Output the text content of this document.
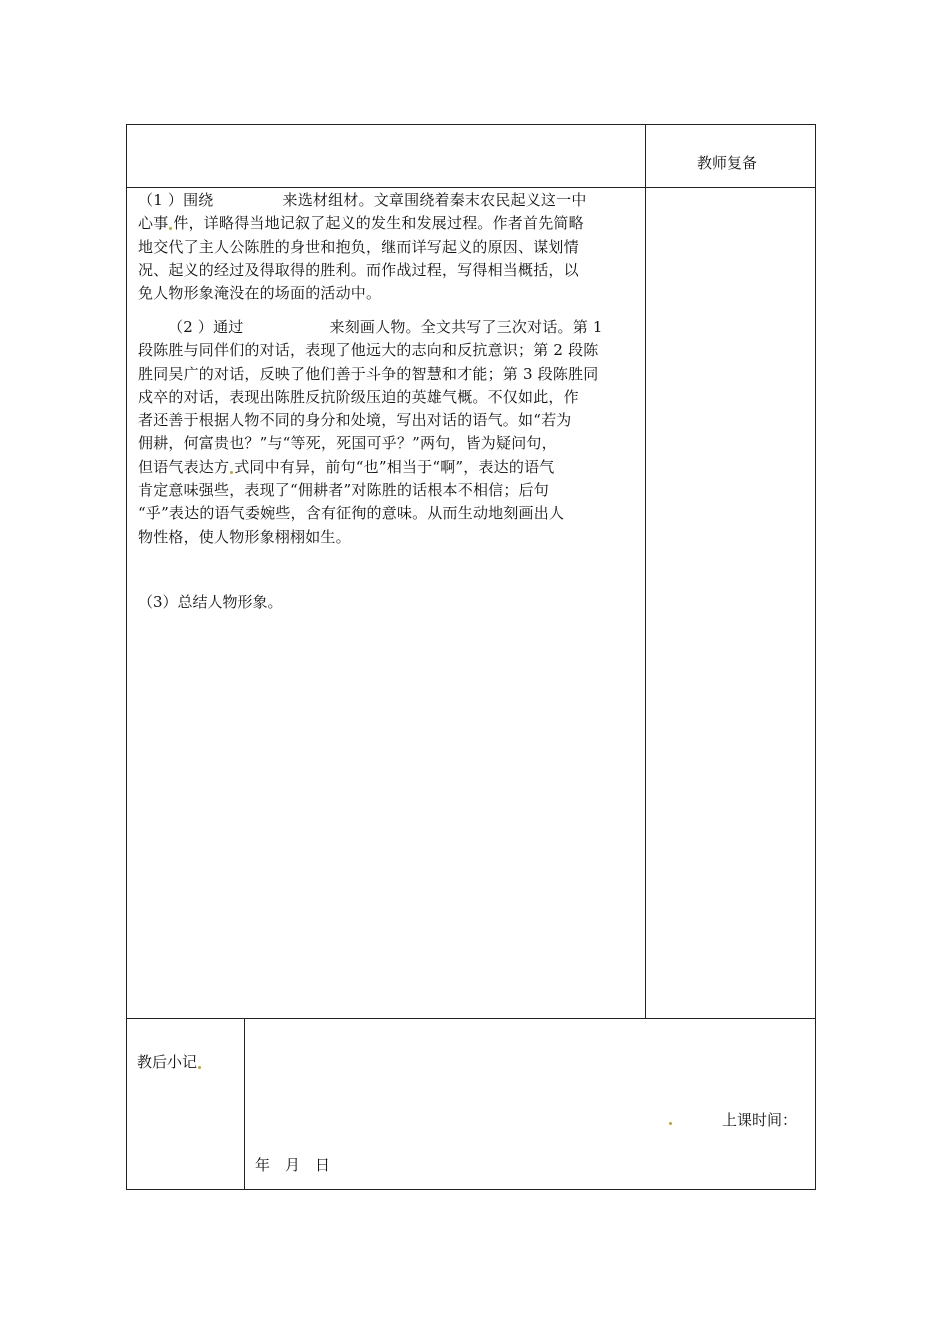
教师复备
（1 ）围绕	来选材组材。文章围绕着秦末农民起义这一中
心事 件，详略得当地记叙了起义的发生和发展过程。作者首先简略
地交代了主人公陈胜的身世和抱负，继而详写起义的原因、谋划情
况、起义的经过及得取得的胜利。而作战过程，写得相当概括，以
免人物形象淹没在的场面的活动中。
（2 ）通过	来刻画人物。全文共写了三次对话。第 1
段陈胜与同伴们的对话，表现了他远大的志向和反抗意识；第 2 段陈
胜同吴广的对话，反映了他们善于斗争的智慧和才能；第 3 段陈胜同
戍卒的对话，表现出陈胜反抗阶级压迫的英雄气概。不仅如此，作
者还善于根据人物不同的身分和处境，写出对话的语气。如“若为
佣耕，何富贵也？”与“等死，死国可乎？”两句，皆为疑问句，
但语气表达方 式同中有异，前句“也”相当于“啊”，表达的语气
肯定意味强些，表现了“佣耕者”对陈胜的话根本不相信；后句
“乎”表达的语气委婉些，含有征徇的意味。从而生动地刻画出人
物性格，使人物形象栩栩如生。
（3）总结人物形象。
教后小记
上课时间：
年　月　日
